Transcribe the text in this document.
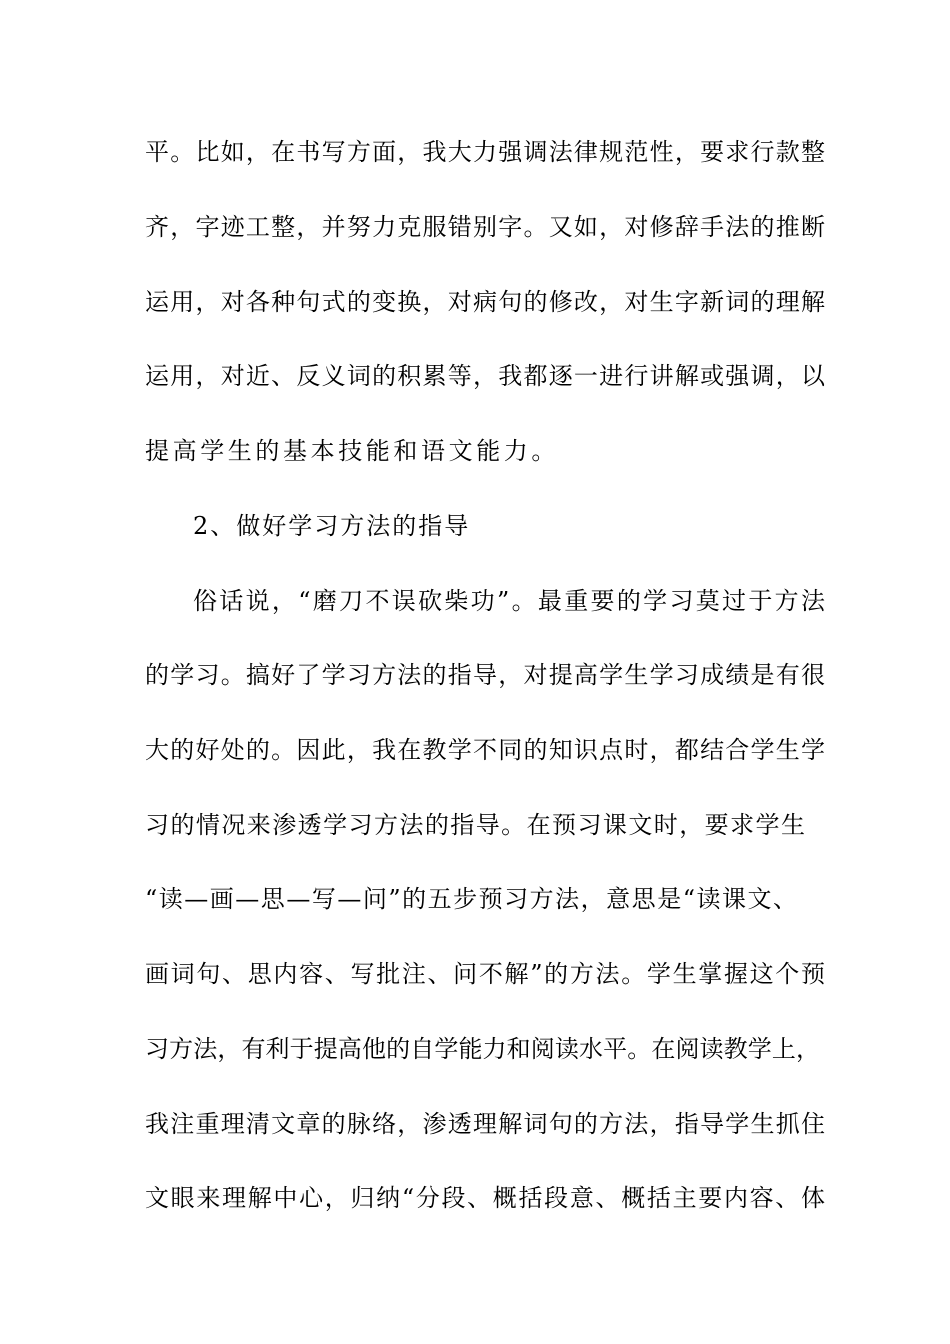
平。比如，在书写方面，我大力强调法律规范性，要求行款整
齐，字迹工整，并努力克服错别字。又如，对修辞手法的推断
运用，对各种句式的变换，对病句的修改，对生字新词的理解
运用，对近、反义词的积累等，我都逐一进行讲解或强调，以
提高学生的基本技能和语文能力。
2、做好学习方法的指导
俗话说，“磨刀不误砍柴功”。最重要的学习莫过于方法
的学习。搞好了学习方法的指导，对提高学生学习成绩是有很
大的好处的。因此，我在教学不同的知识点时，都结合学生学
习的情况来渗透学习方法的指导。在预习课文时，要求学生
“读—画—思—写—问”的五步预习方法，意思是“读课文、
画词句、思内容、写批注、问不解”的方法。学生掌握这个预
习方法，有利于提高他的自学能力和阅读水平。在阅读教学上，
我注重理清文章的脉络，渗透理解词句的方法，指导学生抓住
文眼来理解中心，归纳“分段、概括段意、概括主要内容、体
